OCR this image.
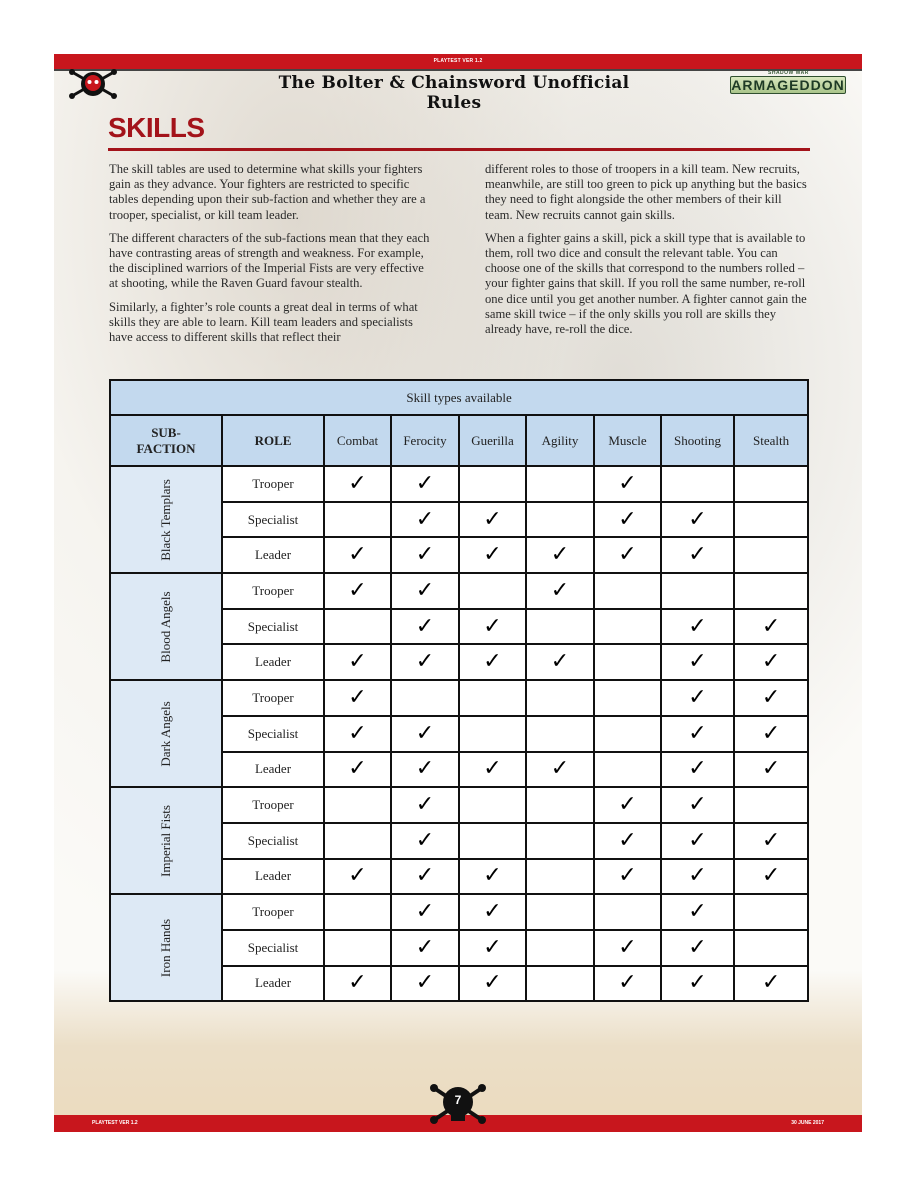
PLAYTEST VER 1.2
The Bolter & Chainsword Unofficial Rules
SHADOW WAR
ARMAGEDDON
SKILLS

The skill tables are used to determine what skills your fighters gain as they advance. Your fighters are restricted to specific tables depending upon their sub-faction and whether they are a trooper, specialist, or kill team leader.

The different characters of the sub-factions mean that they each have contrasting areas of strength and weakness. For example, the disciplined warriors of the Imperial Fists are very effective at shooting, while the Raven Guard favour stealth.

Similarly, a fighter’s role counts a great deal in terms of what skills they are able to learn. Kill team leaders and specialists have access to different skills that reflect their

different roles to those of troopers in a kill team. New recruits, meanwhile, are still too green to pick up anything but the basics they need to fight alongside the other members of their kill team. New recruits cannot gain skills.

When a fighter gains a skill, pick a skill type that is available to them, roll two dice and consult the relevant table. You can choose one of the skills that correspond to the numbers rolled – your fighter gains that skill. If you roll the same number, re-roll one dice until you get another number. A fighter cannot gain the same skill twice – if the only skills you roll are skills they already have, re-roll the dice.

Skill types available								
SUB-
FACTION	ROLE	Combat	Ferocity	Guerilla	Agility	Muscle	Shooting	Stealth

Black Templars	Trooper	✓	✓			✓		
	Specialist		✓	✓		✓	✓	
	Leader	✓	✓	✓	✓	✓	✓	

Blood Angels	Trooper	✓	✓		✓			
	Specialist		✓	✓			✓	✓
	Leader	✓	✓	✓	✓		✓	✓

Dark Angels	Trooper	✓					✓	✓
	Specialist	✓	✓				✓	✓
	Leader	✓	✓	✓	✓		✓	✓

Imperial Fists	Trooper		✓			✓	✓	
	Specialist		✓			✓	✓	✓
	Leader	✓	✓	✓		✓	✓	✓

Iron Hands	Trooper		✓	✓			✓	
	Specialist		✓	✓		✓	✓	
	Leader	✓	✓	✓		✓	✓	✓
PLAYTEST VER 1.2	30 JUNE 2017
7
